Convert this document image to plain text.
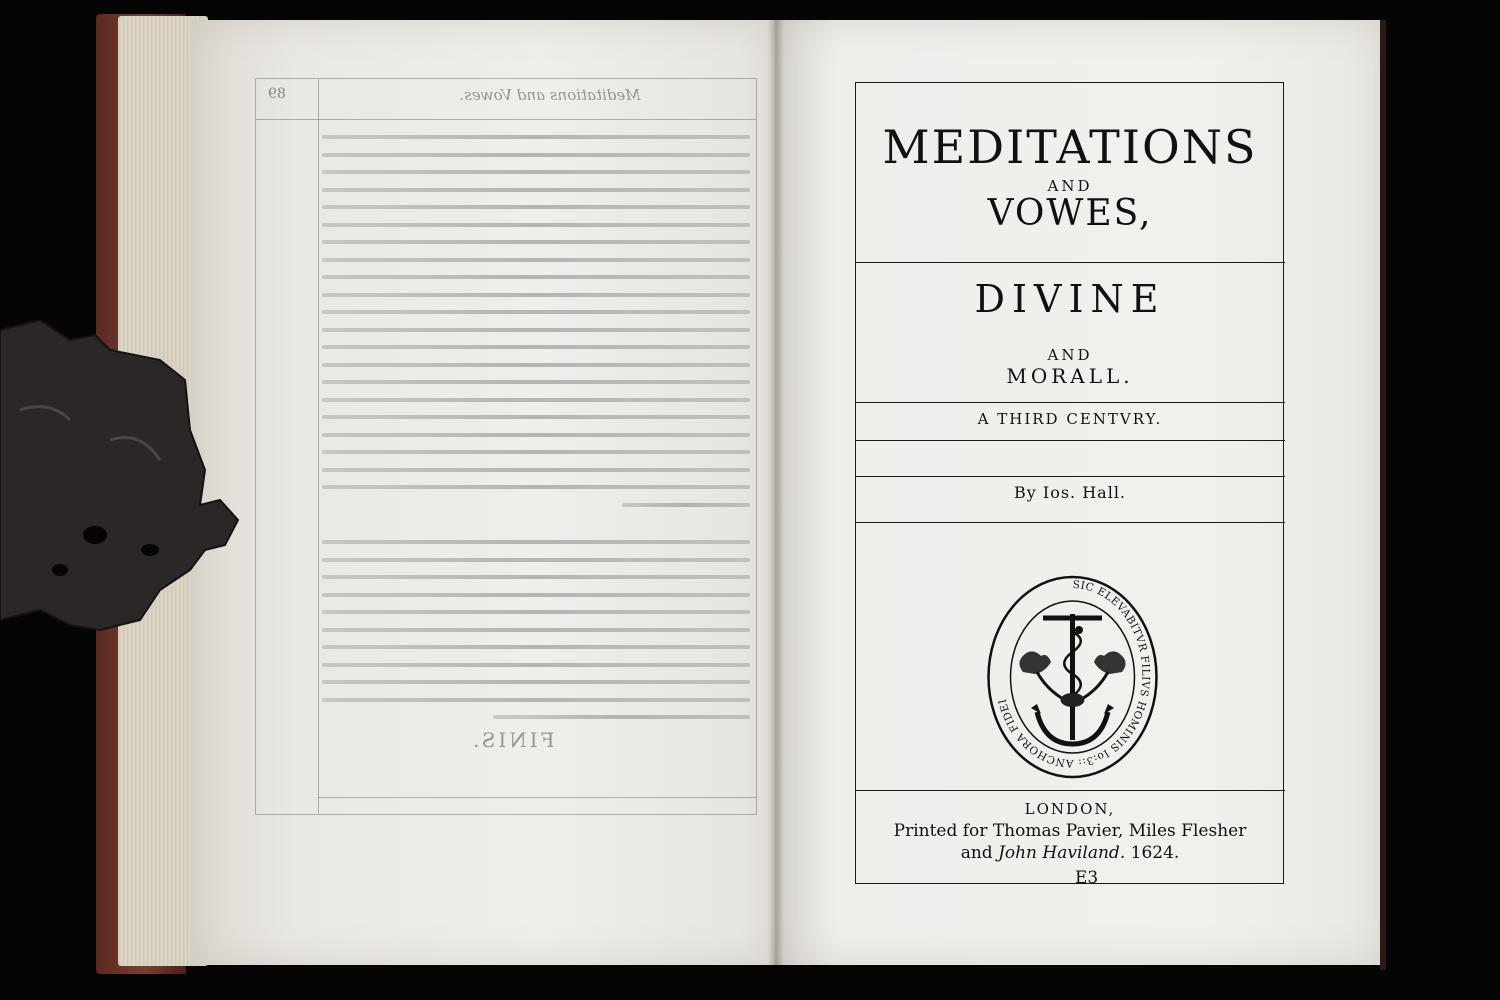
Meditations and Vowes.
89
FINIS.
MEDITATIONS
AND
VOWES,
DIVINE
AND
MORALL.
A THIRD CENTVRY.
By Ios. Hall.
SIC ELEVABITVR FILIVS HOMINIS Io:3:: ANCHORA FIDEI
LONDON,
Printed for Thomas Pavier, Miles Flesher
and John Haviland. 1624.
E3
